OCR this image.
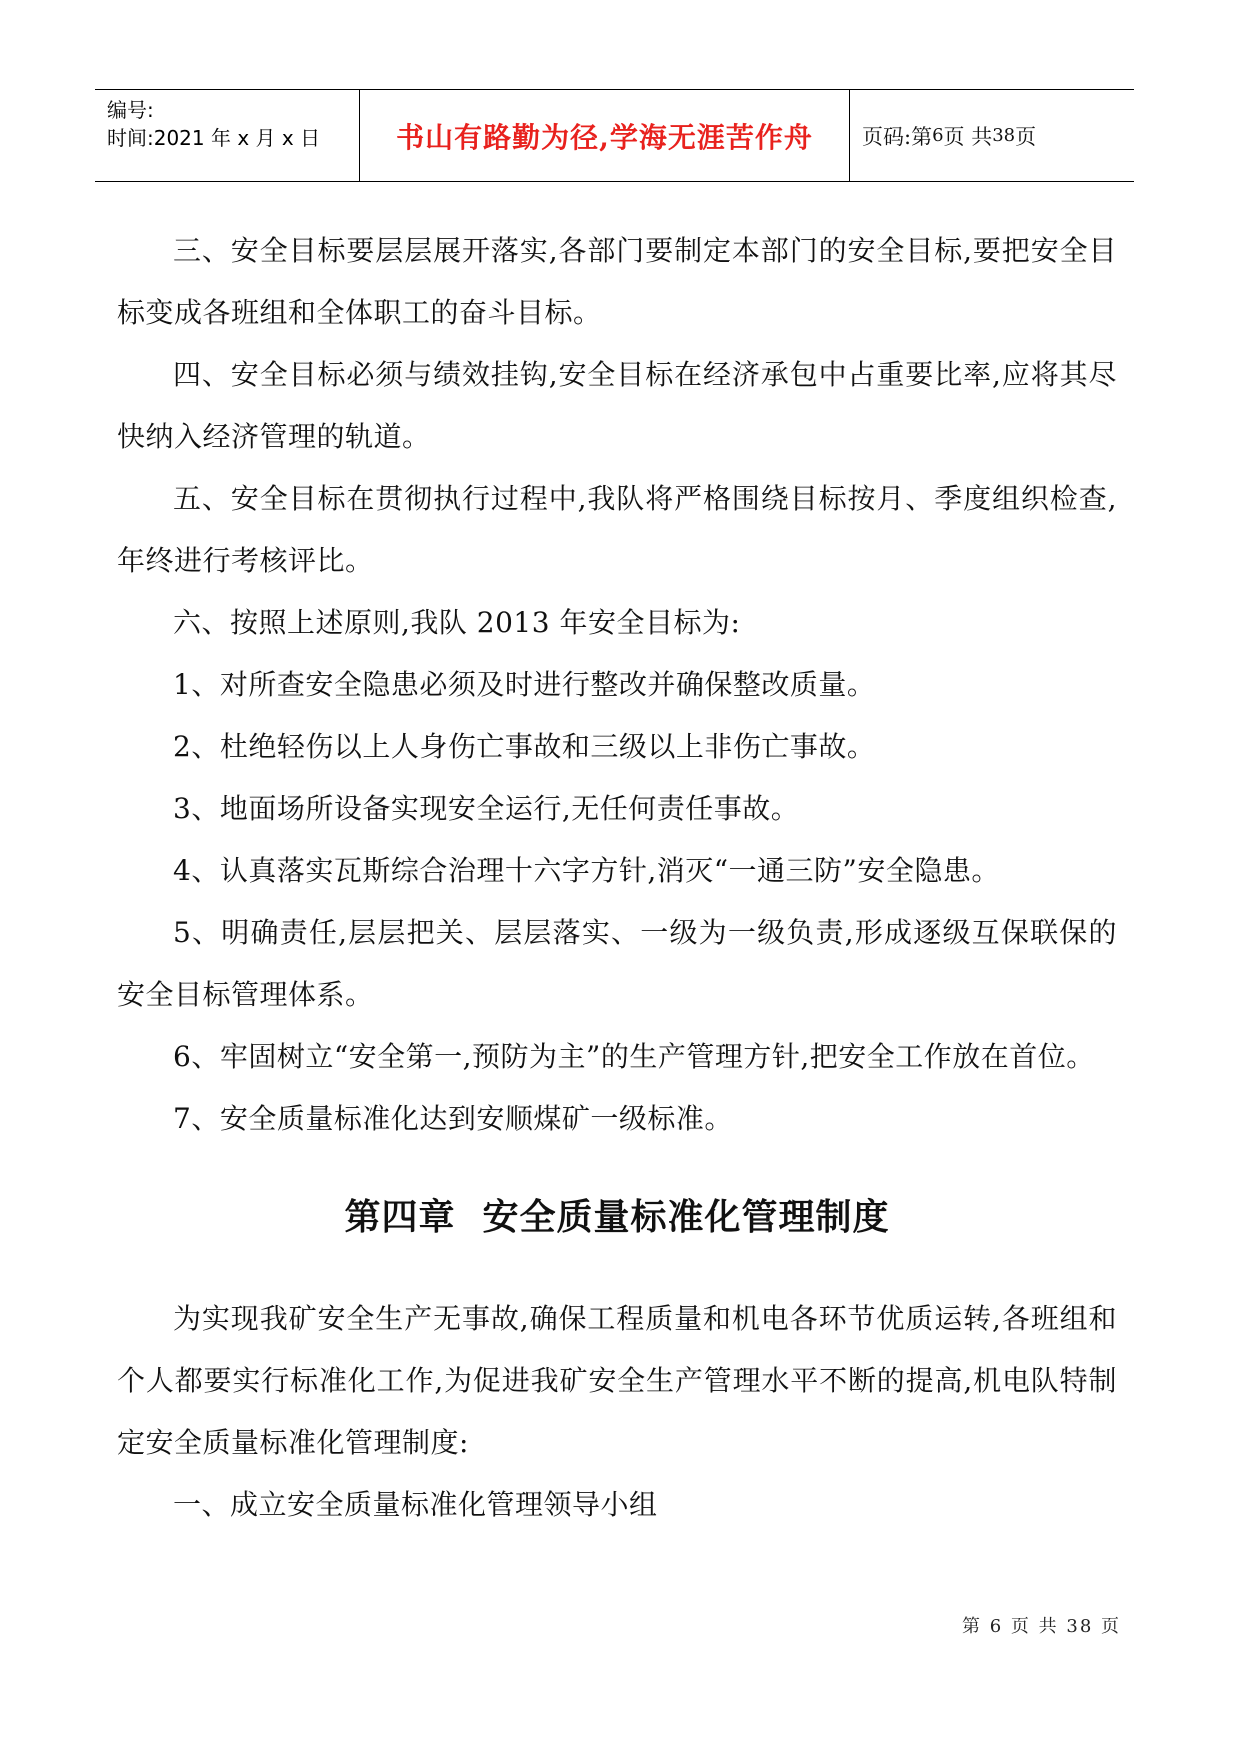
编号:
时间:2021 年 x 月 x 日	书山有路勤为径,学海无涯苦作舟 页码:第 6 页 共 38 页

三、安全目标要层层展开落实,各部门要制定本部门的安全目标,要把安全目标变成各班组和全体职工的奋斗目标。

四、安全目标必须与绩效挂钩,安全目标在经济承包中占重要比率,应将其尽快纳入经济管理的轨道。

五、安全目标在贯彻执行过程中,我队将严格围绕目标按月、季度组织检查,年终进行考核评比。

六、按照上述原则,我队 2013 年安全目标为:

1、对所查安全隐患必须及时进行整改并确保整改质量。

2、杜绝轻伤以上人身伤亡事故和三级以上非伤亡事故。

3、地面场所设备实现安全运行,无任何责任事故。

4、认真落实瓦斯综合治理十六字方针,消灭“一通三防”安全隐患。

5、明确责任,层层把关、层层落实、一级为一级负责,形成逐级互保联保的安全目标管理体系。

6、牢固树立“安全第一,预防为主”的生产管理方针,把安全工作放在首位。

7、安全质量标准化达到安顺煤矿一级标准。

第四章  安全质量标准化管理制度

为实现我矿安全生产无事故,确保工程质量和机电各环节优质运转,各班组和个人都要实行标准化工作,为促进我矿安全生产管理水平不断的提高,机电队特制定安全质量标准化管理制度:

一、成立安全质量标准化管理领导小组

第 6 页 共 38 页
